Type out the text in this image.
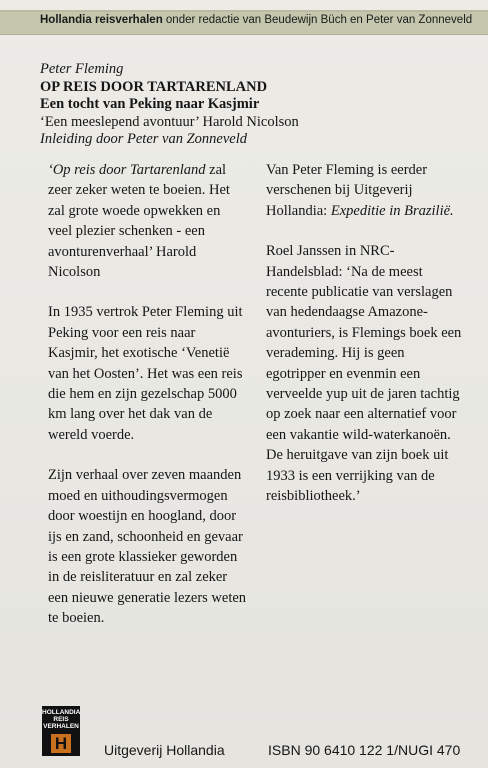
Hollandia reisverhalen onder redactie van Beudewijn Büch en Peter van Zonneveld
Peter Fleming
OP REIS DOOR TARTARENLAND
Een tocht van Peking naar Kasjmir
‘Een meeslepend avontuur’ Harold Nicolson
Inleiding door Peter van Zonneveld

‘Op reis door Tartarenland zal zeer zeker weten te boeien. Het zal grote woede opwekken en veel plezier schenken - een avonturenverhaal’ Harold Nicolson

In 1935 vertrok Peter Fleming uit Peking voor een reis naar Kasjmir, het exotische ‘Venetië van het Oosten’. Het was een reis die hem en zijn gezelschap 5000 km lang over het dak van de wereld voerde.

Zijn verhaal over zeven maanden moed en uithoudingsvermogen door woestijn en hoogland, door ijs en zand, schoonheid en gevaar is een grote klassieker geworden in de reisliteratuur en zal zeker een nieuwe generatie lezers weten te boeien.

Van Peter Fleming is eerder verschenen bij Uitgeverij Hollandia: Expeditie in Brazilië.

Roel Janssen in NRC-Handelsblad: ‘Na de meest recente publicatie van verslagen van hedendaagse Amazone-avonturiers, is Flemings boek een verademing. Hij is geen egotripper en evenmin een verveelde yup uit de jaren tachtig op zoek naar een alternatief voor een vakantie wild-waterkanoën. De heruitgave van zijn boek uit 1933 is een verrijking van de reisbibliotheek.’

HOLLANDIA
REIS
VERHALEN
H	Uitgeverij Hollandia	ISBN 90 6410 122 1/NUGI 470
